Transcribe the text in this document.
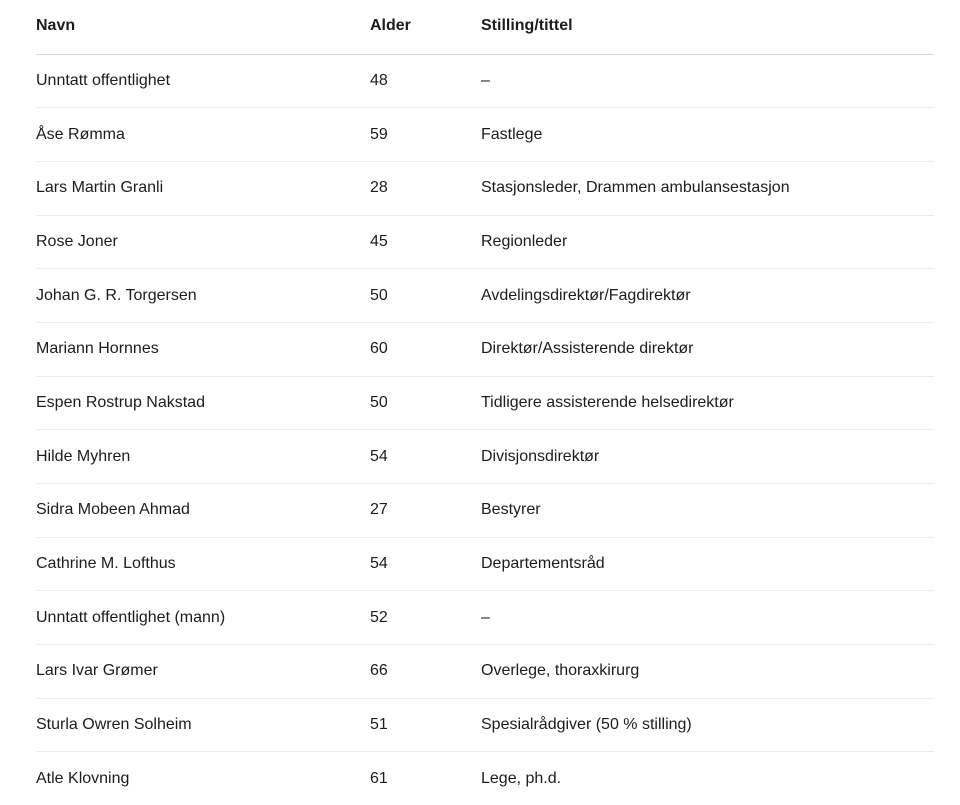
Navn	Alder	Stilling/tittel
Unntatt offentlighet	48	–
Åse Rømma	59	Fastlege
Lars Martin Granli	28	Stasjonsleder, Drammen ambulansestasjon
Rose Joner	45	Regionleder
Johan G. R. Torgersen	50	Avdelingsdirektør/Fagdirektør
Mariann Hornnes	60	Direktør/Assisterende direktør
Espen Rostrup Nakstad	50	Tidligere assisterende helsedirektør
Hilde Myhren	54	Divisjonsdirektør
Sidra Mobeen Ahmad	27	Bestyrer
Cathrine M. Lofthus	54	Departementsråd
Unntatt offentlighet (mann)	52	–
Lars Ivar Grømer	66	Overlege, thoraxkirurg
Sturla Owren Solheim	51	Spesialrådgiver (50 % stilling)
Atle Klovning	61	Lege, ph.d.
